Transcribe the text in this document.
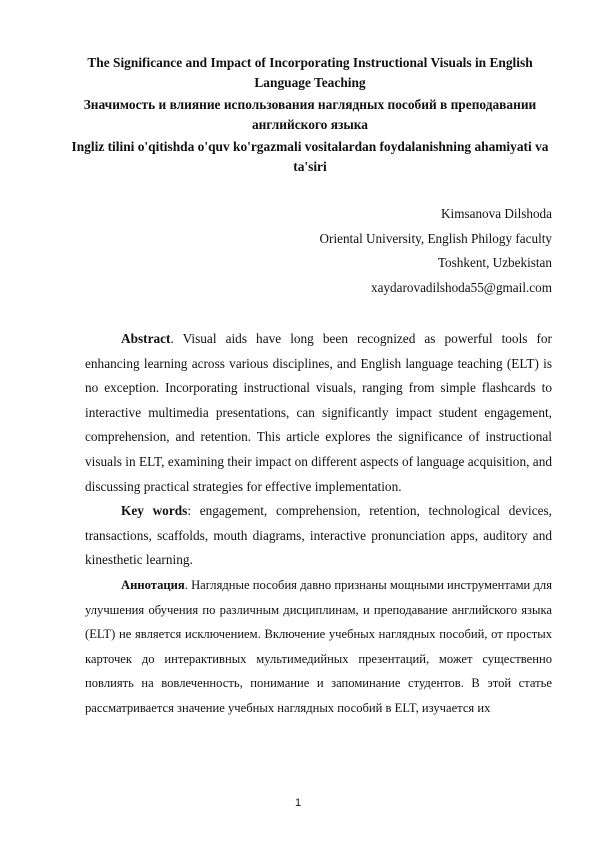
The Significance and Impact of Incorporating Instructional Visuals in English Language Teaching
Значимость и влияние использования наглядных пособий в преподавании английского языка
Ingliz tilini o'qitishda o'quv ko'rgazmali vositalardan foydalanishning ahamiyati va ta'siri
Kimsanova Dilshoda
Oriental University, English Philogy faculty
Toshkent, Uzbekistan
xaydarovadilshoda55@gmail.com

Abstract. Visual aids have long been recognized as powerful tools for enhancing learning across various disciplines, and English language teaching (ELT) is no exception. Incorporating instructional visuals, ranging from simple flashcards to interactive multimedia presentations, can significantly impact student engagement, comprehension, and retention. This article explores the significance of instructional visuals in ELT, examining their impact on different aspects of language acquisition, and discussing practical strategies for effective implementation.

Key words: engagement, comprehension, retention, technological devices, transactions, scaffolds, mouth diagrams, interactive pronunciation apps, auditory and kinesthetic learning.

Аннотация. Наглядные пособия давно признаны мощными инструментами для улучшения обучения по различным дисциплинам, и преподавание английского языка (ELT) не является исключением. Включение учебных наглядных пособий, от простых карточек до интерактивных мультимедийных презентаций, может существенно повлиять на вовлеченность, понимание и запоминание студентов. В этой статье рассматривается значение учебных наглядных пособий в ELT, изучается их

1
